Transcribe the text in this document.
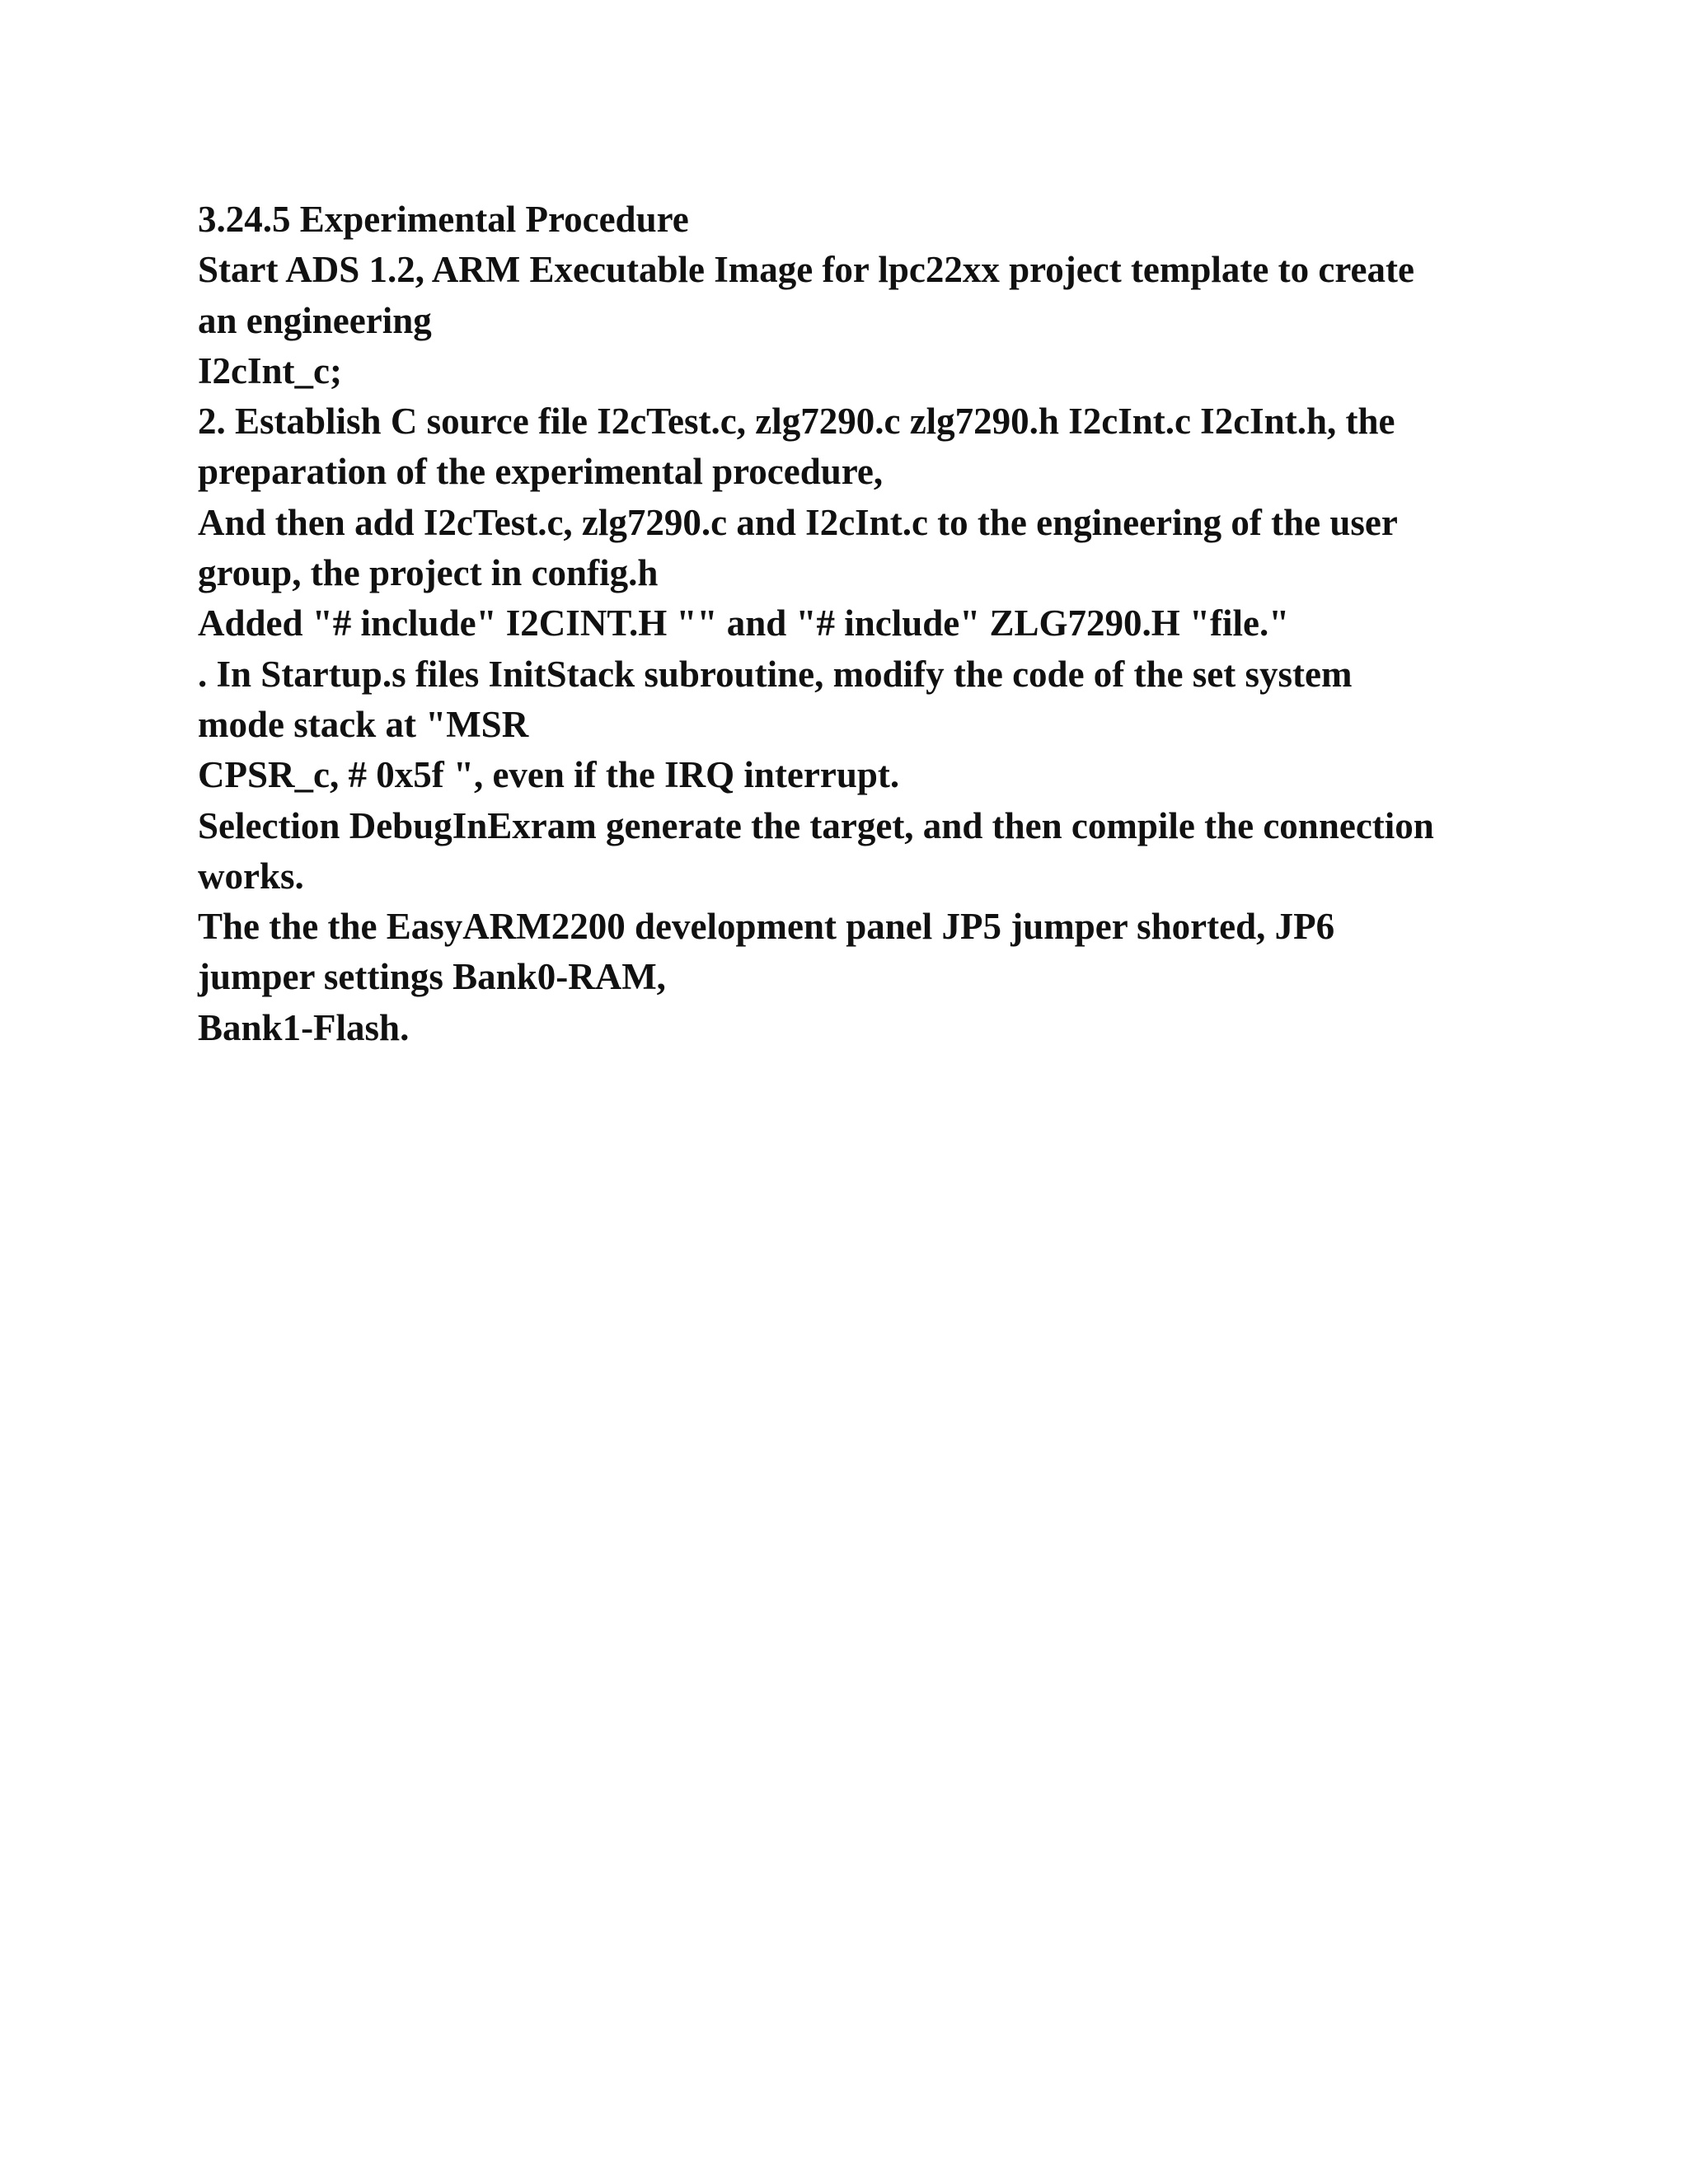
3.24.5 Experimental Procedure
Start ADS 1.2, ARM Executable Image for lpc22xx project template to create
an engineering
I2cInt_c;
2. Establish C source file I2cTest.c, zlg7290.c zlg7290.h I2cInt.c I2cInt.h, the
preparation of the experimental procedure,
And then add I2cTest.c, zlg7290.c and I2cInt.c to the engineering of the user
group, the project in config.h
Added "# include" I2CINT.H "" and "# include" ZLG7290.H "file."
. In Startup.s files InitStack subroutine, modify the code of the set system
mode stack at "MSR
CPSR_c, # 0x5f ", even if the IRQ interrupt.
Selection DebugInExram generate the target, and then compile the connection
works.
The the the EasyARM2200 development panel JP5 jumper shorted, JP6
jumper settings Bank0-RAM,
Bank1-Flash.
